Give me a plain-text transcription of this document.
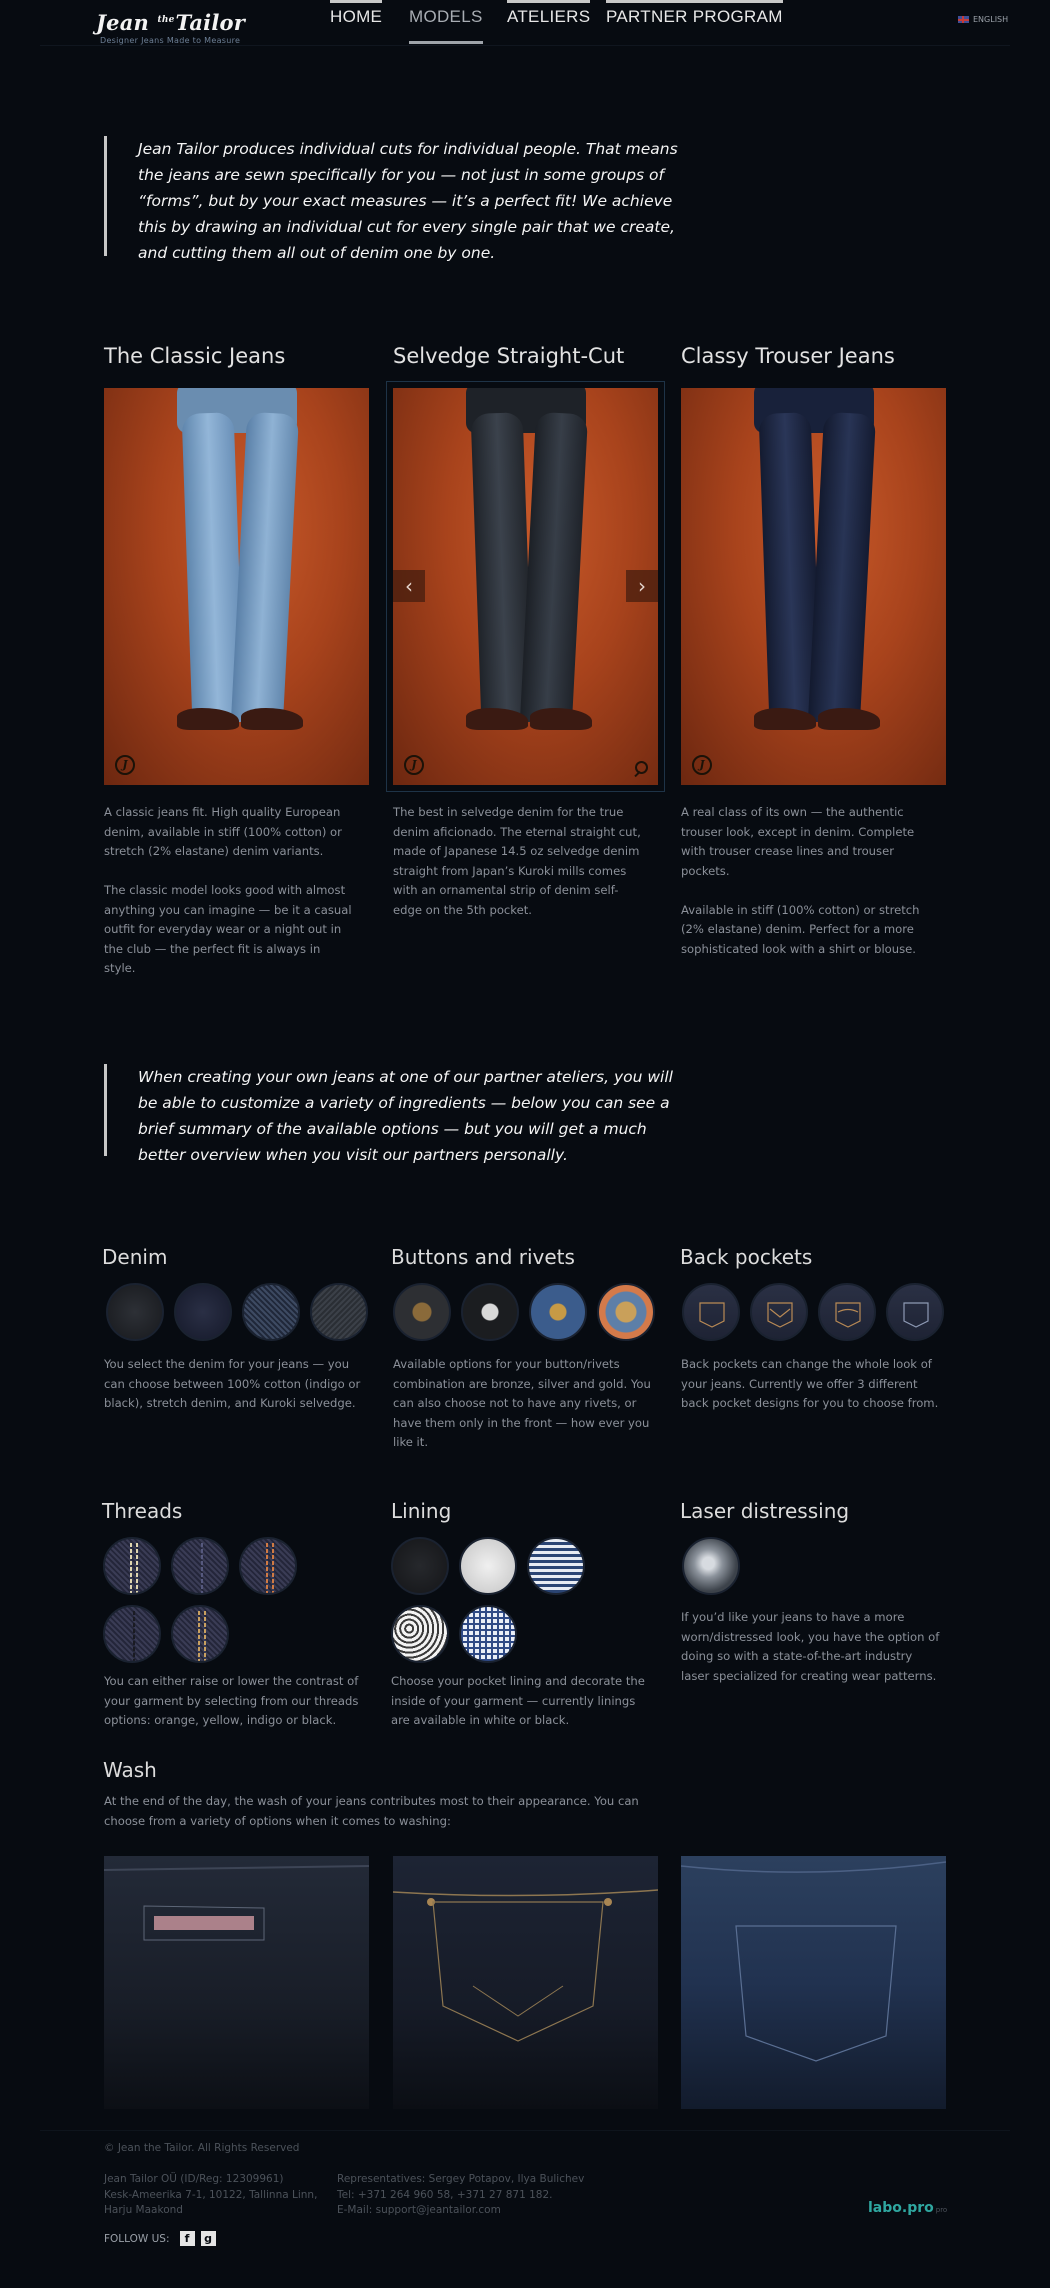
Jean $^{the}$Tailor
Designer Jeans Made to Measure
HOME MODELS ATELIERS PARTNER PROGRAM	ENGLISH
Jean Tailor produces individual cuts for individual people. That means the jeans are sewn specifically for you — not just in some groups of “forms”, but by your exact measures — it’s a perfect fit! We achieve this by drawing an individual cut for every single pair that we create, and cutting them all out of denim one by one.
The Classic Jeans	Selvedge Straight-Cut	Classy Trouser Jeans
J
‹	›
J	J
A classic jeans fit. High quality European denim, available in stiff (100% cotton) or stretch (2% elastane) denim variants.

The classic model looks good with almost anything you can imagine — be it a casual outfit for everyday wear or a night out in the club — the perfect fit is always in style.
The best in selvedge denim for the true denim aficionado. The eternal straight cut, made of Japanese 14.5 oz selvedge denim straight from Japan’s Kuroki mills comes with an ornamental strip of denim self-edge on the 5th pocket.
A real class of its own — the authentic trouser look, except in denim. Complete with trouser crease lines and trouser pockets.

Available in stiff (100% cotton) or stretch (2% elastane) denim. Perfect for a more sophisticated look with a shirt or blouse.
When creating your own jeans at one of our partner ateliers, you will be able to customize a variety of ingredients — below you can see a brief summary of the available options — but you will get a much better overview when you visit our partners personally.
Denim	Buttons and rivets	Back pockets
You select the denim for your jeans — you can choose between 100% cotton (indigo or black), stretch denim, and Kuroki selvedge.
Available options for your button/rivets combination are bronze, silver and gold. You can also choose not to have any rivets, or have them only in the front — how ever you like it.
Back pockets can change the whole look of your jeans. Currently we offer 3 different back pocket designs for you to choose from.
Threads	Lining	Laser distressing
You can either raise or lower the contrast of your garment by selecting from our threads options: orange, yellow, indigo or black.
Choose your pocket lining and decorate the inside of your garment — currently linings are available in white or black.
If you’d like your jeans to have a more worn/distressed look, you have the option of doing so with a state-of-the-art industry laser specialized for creating wear patterns.
Wash
At the end of the day, the wash of your jeans contributes most to their appearance. You can choose from a variety of options when it comes to washing:
© Jean the Tailor. All Rights Reserved
Jean Tailor OÜ (ID/Reg: 12309961)
Kesk-Ameerika 7-1, 10122, Tallinna Linn,
Harju Maakond
Representatives: Sergey Potapov, Ilya Bulichev
Tel: +371 264 960 58, +371 27 871 182.
E-Mail: support@jeantailor.com
FOLLOW US:	f	g
labo.pro pro
